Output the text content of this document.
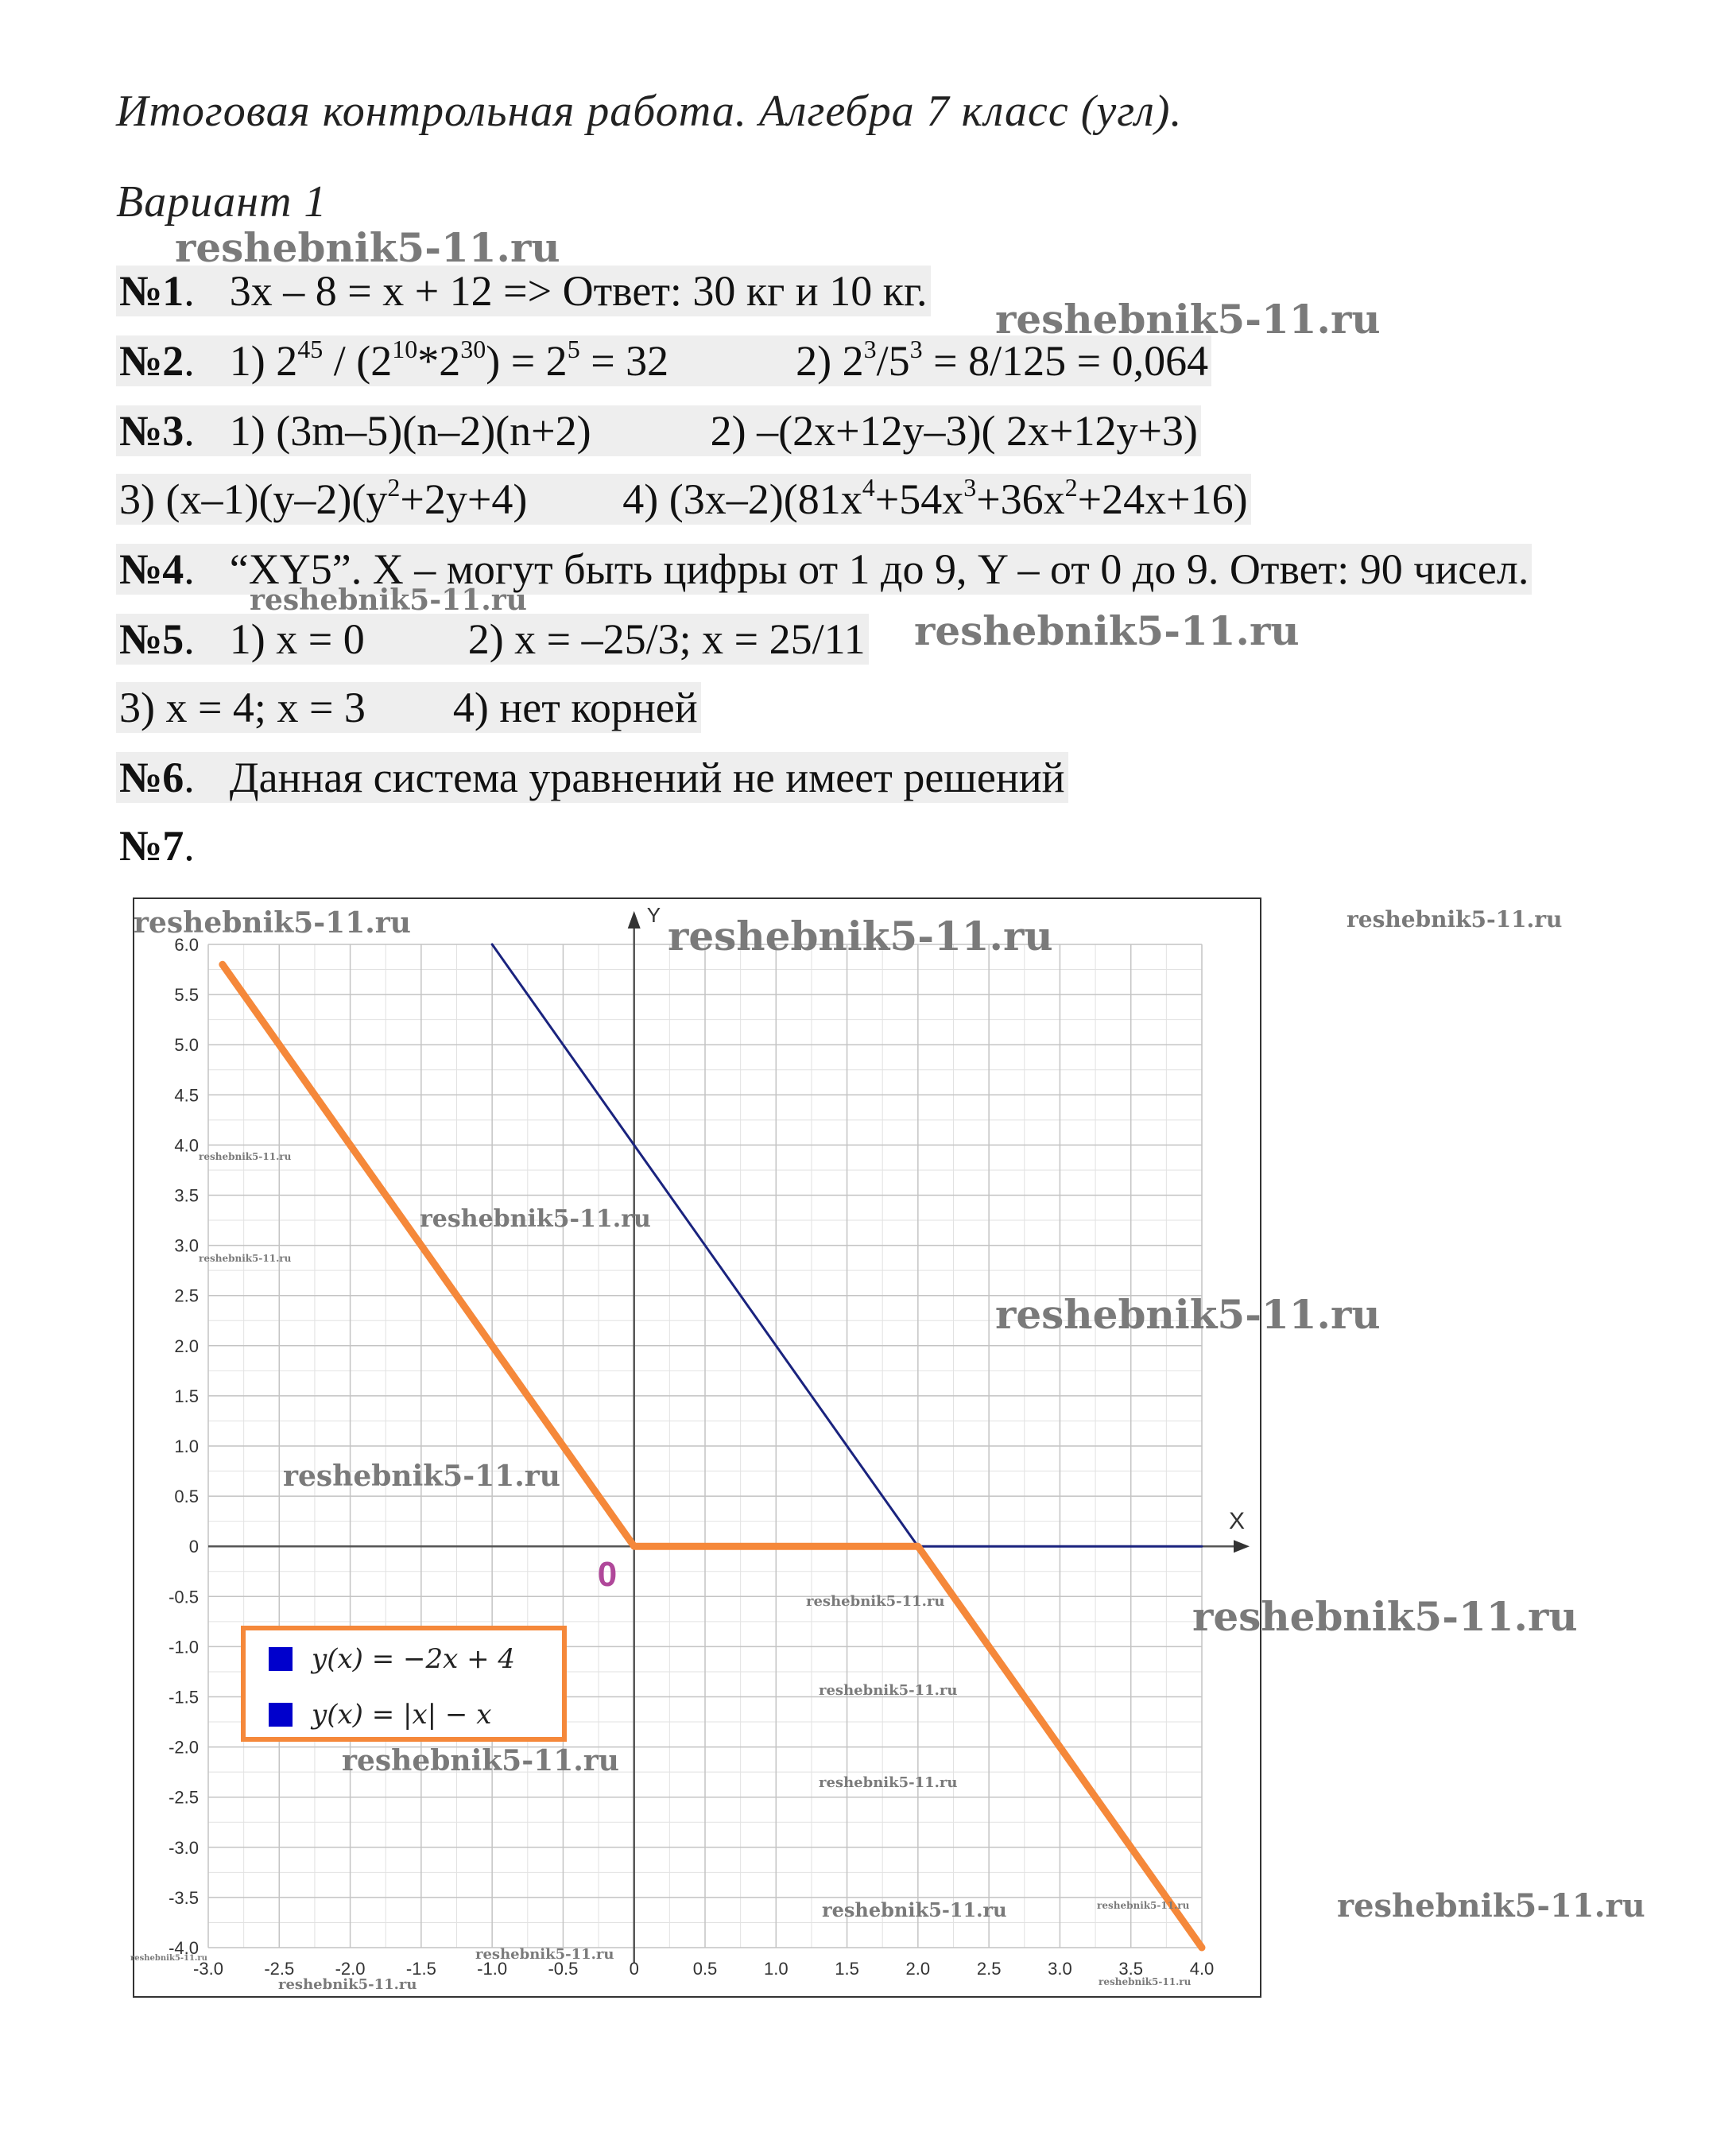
Итоговая контрольная работа. Алгебра 7 класс (угл).
Вариант 1
№1. 3x – 8 = x + 12 => Ответ: 30 кг и 10 кг.
№2. 1) $2^{45} / (2^{10}*2^{30}) = 2^5 = 32$	2) $2^3/5^3 = 8/125 = 0,064$
№3. 1) (3m–5)(n–2)(n+2)	2) –(2x+12y–3)( 2x+12y+3)
3) $(x-1)(y-2)(y^2+2y+4)$ 4) $(3x-2)(81x^4+54x^3+36x^2+24x+16)$
№4. “XY5”. X – могут быть цифры от 1 до 9, Y – от 0 до 9. Ответ: 90 чисел.
№5. 1) x = 0 2) x = –25/3; x = 25/11
3) x = 4; x = 3 4) нет корней
№6. Данная система уравнений не имеет решений
№7.
X
Y
0
6.0
5.5
5.0
4.5
4.0
3.5
3.0
2.5
2.0
1.5
1.0
0.5
0
-0.5
-1.0
-1.5
-2.0
-2.5
-3.0
-3.5
-4.0
-3.0 -2.5 -2.0 -1.5 -1.0 -0.5	0	0.5	1.0	1.5	2.0	2.5	3.0	3.5	4.0
y(x) = −2x + 4
y(x) = |x| − x
reshebnik5-11.ru
reshebnik5-11.ru
reshebnik5-11.ru
reshebnik5-11.ru
reshebnik5-11.ru	reshebnik5-11.ru	reshebnik5-11.ru
reshebnik5-11.ru
reshebnik5-11.ru
reshebnik5-11.ru
reshebnik5-11.ru
reshebnik5-11.ru
reshebnik5-11.ru	reshebnik5-11.ru
reshebnik5-11.ru
reshebnik5-11.ru
reshebnik5-11.ru
reshebnik5-11.ru	reshebnik5-11.ru	reshebnik5-11.ru
reshebnik5-11.ru
reshebnik5-11.ru
reshebnik5-11.ru	reshebnik5-11.ru
